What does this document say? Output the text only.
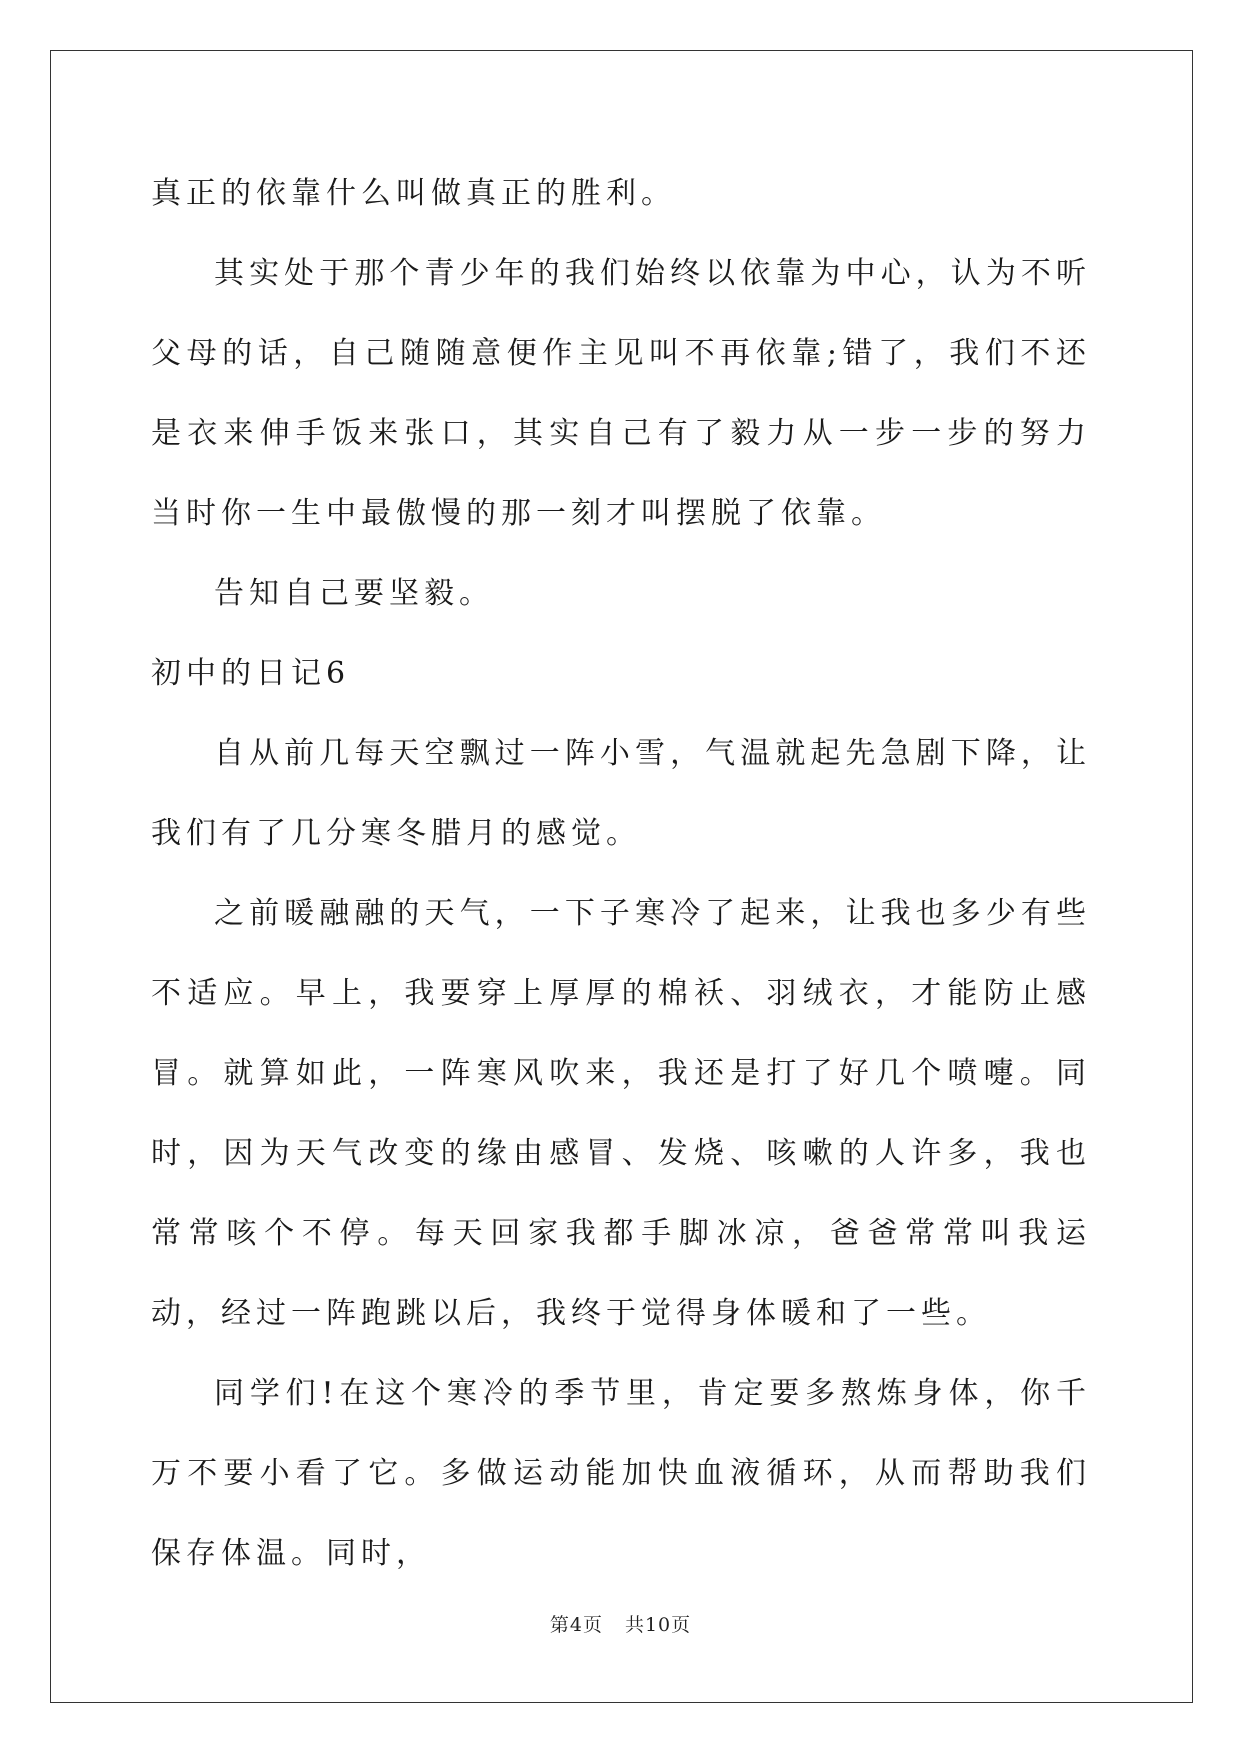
真正的依靠什么叫做真正的胜利。

其实处于那个青少年的我们始终以依靠为中心，认为不听父母的话，自己随随意便作主见叫不再依靠;错了，我们不还是衣来伸手饭来张口，其实自己有了毅力从一步一步的努力当时你一生中最傲慢的那一刻才叫摆脱了依靠。

告知自己要坚毅。

初中的日记6

自从前几每天空飘过一阵小雪，气温就起先急剧下降，让我们有了几分寒冬腊月的感觉。

之前暖融融的天气，一下子寒冷了起来，让我也多少有些不适应。早上，我要穿上厚厚的棉袄、羽绒衣，才能防止感冒。就算如此，一阵寒风吹来，我还是打了好几个喷嚏。同时，因为天气改变的缘由感冒、发烧、咳嗽的人许多，我也常常咳个不停。每天回家我都手脚冰凉，爸爸常常叫我运动，经过一阵跑跳以后，我终于觉得身体暖和了一些。

同学们!在这个寒冷的季节里，肯定要多熬炼身体，你千万不要小看了它。多做运动能加快血液循环，从而帮助我们保存体温。同时，

第4页 共10页
